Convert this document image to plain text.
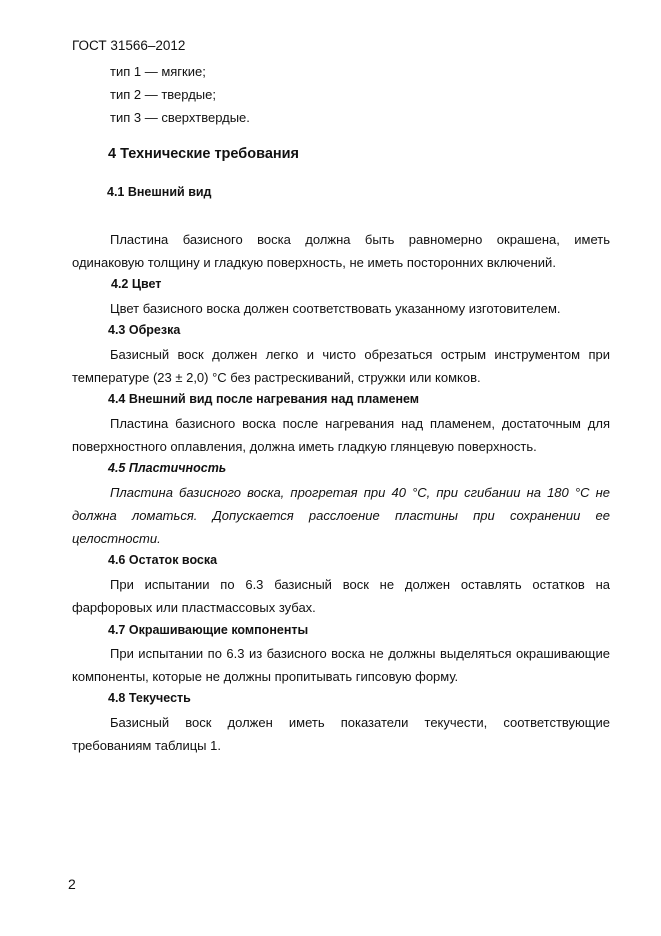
ГОСТ 31566–2012
тип 1 — мягкие;
тип 2 — твердые;
тип 3 — сверхтвердые.
4 Технические требования
4.1 Внешний вид
Пластина базисного воска должна быть равномерно окрашена, иметь одинаковую толщину и гладкую поверхность, не иметь посторонних включений.
4.2 Цвет
Цвет базисного воска должен соответствовать указанному изготовителем.
4.3 Обрезка
Базисный воск должен легко и чисто обрезаться острым инструментом при температуре (23 ± 2,0) °С без растрескиваний, стружки или комков.
4.4 Внешний вид после нагревания над пламенем
Пластина базисного воска после нагревания над пламенем, достаточным для поверхностного оплавления, должна иметь гладкую глянцевую поверхность.
4.5 Пластичность
Пластина базисного воска, прогретая при 40 °С, при сгибании на 180 °С не должна ломаться. Допускается расслоение пластины при сохранении ее целостности.
4.6 Остаток воска
При испытании по 6.3 базисный воск не должен оставлять остатков на фарфоровых или пластмассовых зубах.
4.7 Окрашивающие компоненты
При испытании по 6.3 из базисного воска не должны выделяться окрашивающие компоненты, которые не должны пропитывать гипсовую форму.
4.8 Текучесть
Базисный воск должен иметь показатели текучести, соответствующие требованиям таблицы 1.
2
